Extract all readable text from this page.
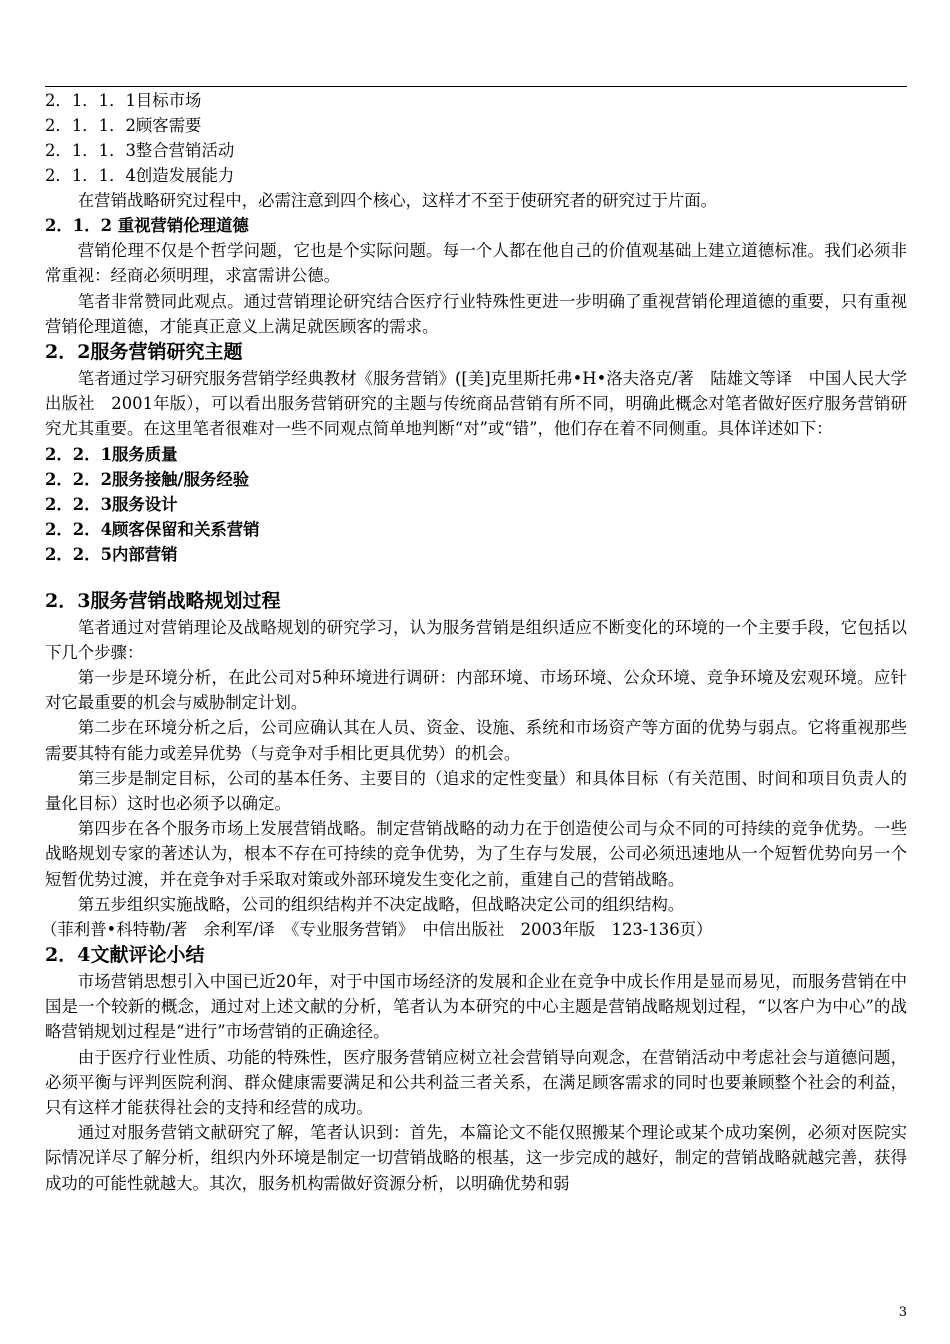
2．1．1．1目标市场
2．1．1．2顾客需要
2．1．1．3整合营销活动
2．1．1．4创造发展能力

在营销战略研究过程中，必需注意到四个核心，这样才不至于使研究者的研究过于片面。

2．1．2 重视营销伦理道德

营销伦理不仅是个哲学问题，它也是个实际问题。每一个人都在他自己的价值观基础上建立道德标准。我们必须非常重视：经商必须明理，求富需讲公德。

笔者非常赞同此观点。通过营销理论研究结合医疗行业特殊性更进一步明确了重视营销伦理道德的重要，只有重视营销伦理道德，才能真正意义上满足就医顾客的需求。

2．2服务营销研究主题

笔者通过学习研究服务营销学经典教材《服务营销》([美]克里斯托弗•H•洛夫洛克/著　陆雄文等译　中国人民大学出版社　2001年版），可以看出服务营销研究的主题与传统商品营销有所不同，明确此概念对笔者做好医疗服务营销研究尤其重要。在这里笔者很难对一些不同观点简单地判断“对”或“错”，他们存在着不同侧重。具体详述如下：

2．2．1服务质量
2．2．2服务接触/服务经验
2．2．3服务设计
2．2．4顾客保留和关系营销
2．2．5内部营销
2．3服务营销战略规划过程

笔者通过对营销理论及战略规划的研究学习，认为服务营销是组织适应不断变化的环境的一个主要手段，它包括以下几个步骤：

第一步是环境分析，在此公司对5种环境进行调研：内部环境、市场环境、公众环境、竞争环境及宏观环境。应针对它最重要的机会与威胁制定计划。

第二步在环境分析之后，公司应确认其在人员、资金、设施、系统和市场资产等方面的优势与弱点。它将重视那些需要其特有能力或差异优势（与竞争对手相比更具优势）的机会。

第三步是制定目标，公司的基本任务、主要目的（追求的定性变量）和具体目标（有关范围、时间和项目负责人的量化目标）这时也必须予以确定。

第四步在各个服务市场上发展营销战略。制定营销战略的动力在于创造使公司与众不同的可持续的竞争优势。一些战略规划专家的著述认为，根本不存在可持续的竞争优势，为了生存与发展，公司必须迅速地从一个短暂优势向另一个短暂优势过渡，并在竞争对手采取对策或外部环境发生变化之前，重建自己的营销战略。

第五步组织实施战略，公司的组织结构并不决定战略，但战略决定公司的组织结构。

（菲利普•科特勒/著　余利军/译　《专业服务营销》　中信出版社　2003年版　123-136页）
2．4文献评论小结

市场营销思想引入中国已近20年，对于中国市场经济的发展和企业在竞争中成长作用是显而易见，而服务营销在中国是一个较新的概念，通过对上述文献的分析，笔者认为本研究的中心主题是营销战略规划过程，“以客户为中心”的战略营销规划过程是“进行”市场营销的正确途径。

由于医疗行业性质、功能的特殊性，医疗服务营销应树立社会营销导向观念，在营销活动中考虑社会与道德问题，必须平衡与评判医院利润、群众健康需要满足和公共利益三者关系，在满足顾客需求的同时也要兼顾整个社会的利益，只有这样才能获得社会的支持和经营的成功。

通过对服务营销文献研究了解，笔者认识到：首先，本篇论文不能仅照搬某个理论或某个成功案例，必须对医院实际情况详尽了解分析，组织内外环境是制定一切营销战略的根基，这一步完成的越好，制定的营销战略就越完善，获得成功的可能性就越大。其次，服务机构需做好资源分析，以明确优势和弱

3
